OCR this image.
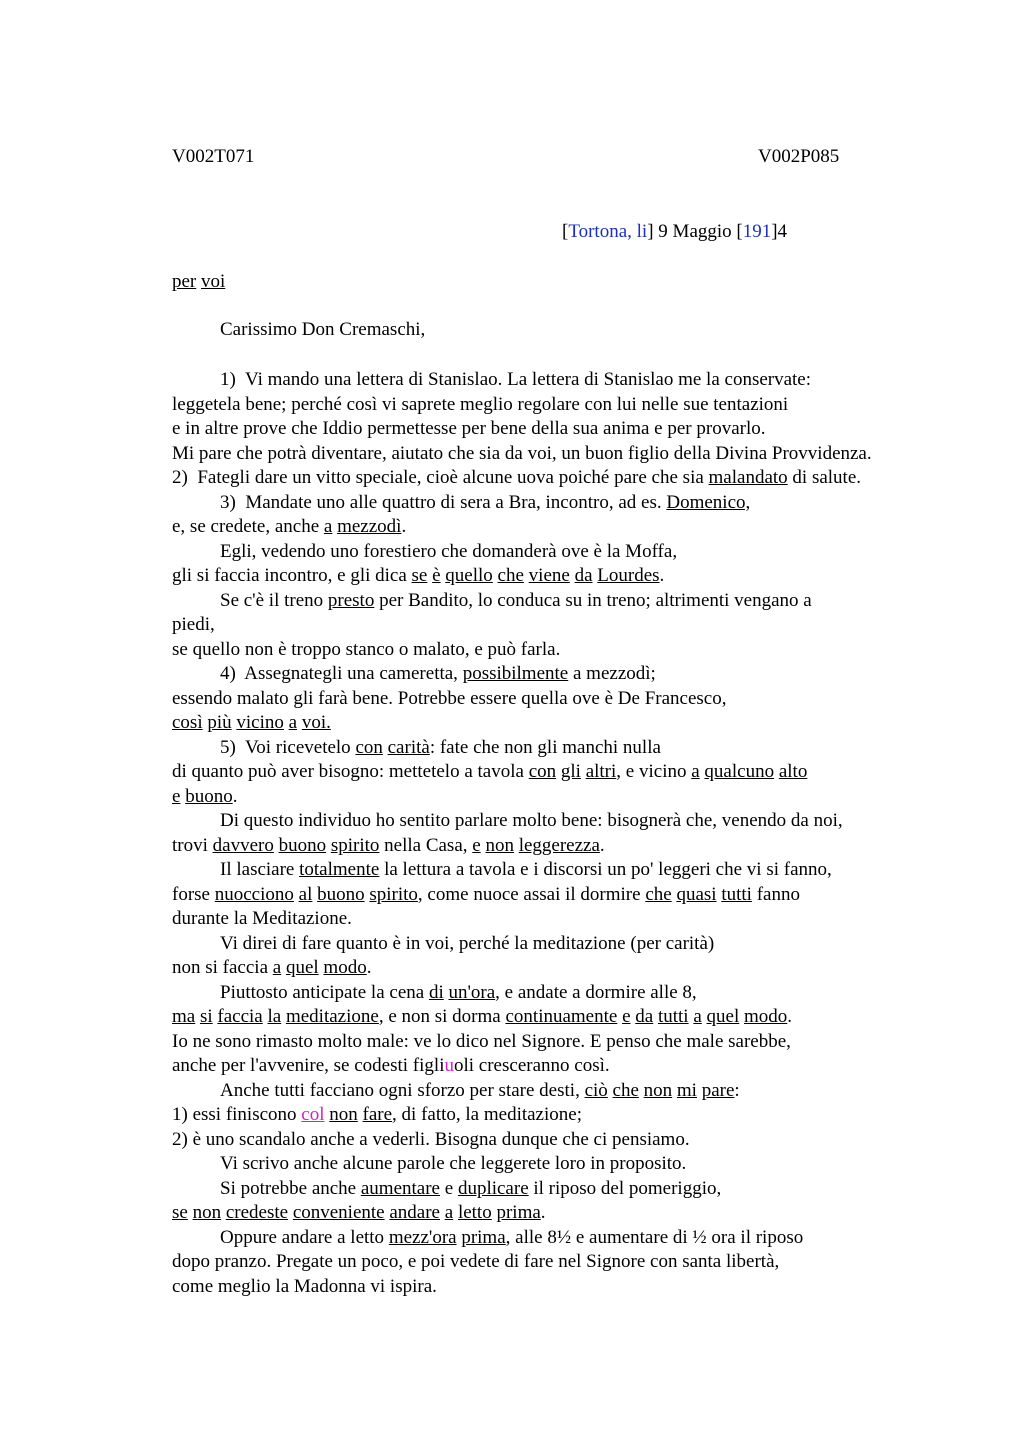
V002T071	V002P085
[Tortona, li] 9 Maggio [191]4
per voi
Carissimo Don Cremaschi,
1)  Vi mando una lettera di Stanislao. La lettera di Stanislao me la conservate:
leggetela bene; perché così vi saprete meglio regolare con lui nelle sue tentazioni
e in altre prove che Iddio permettesse per bene della sua anima e per provarlo.
Mi pare che potrà diventare, aiutato che sia da voi, un buon figlio della Divina Provvidenza.
2)  Fategli dare un vitto speciale, cioè alcune uova poiché pare che sia malandato di salute.
3)  Mandate uno alle quattro di sera a Bra, incontro, ad es. Domenico,
e, se credete, anche a mezzodì.
Egli, vedendo uno forestiero che domanderà ove è la Moffa,
gli si faccia incontro, e gli dica se è quello che viene da Lourdes.
Se c'è il treno presto per Bandito, lo conduca su in treno; altrimenti vengano a
piedi,
se quello non è troppo stanco o malato, e può farla.
4)  Assegnategli una cameretta, possibilmente a mezzodì;
essendo malato gli farà bene. Potrebbe essere quella ove è De Francesco,
così più vicino a voi.
5)  Voi ricevetelo con carità: fate che non gli manchi nulla
di quanto può aver bisogno: mettetelo a tavola con gli altri, e vicino a qualcuno alto
e buono.
Di questo individuo ho sentito parlare molto bene: bisognerà che, venendo da noi,
trovi davvero buono spirito nella Casa, e non leggerezza.
Il lasciare totalmente la lettura a tavola e i discorsi un po' leggeri che vi si fanno,
forse nuocciono al buono spirito, come nuoce assai il dormire che quasi tutti fanno
durante la Meditazione.
Vi direi di fare quanto è in voi, perché la meditazione (per carità)
non si faccia a quel modo.
Piuttosto anticipate la cena di un'ora, e andate a dormire alle 8,
ma si faccia la meditazione, e non si dorma continuamente e da tutti a quel modo.
Io ne sono rimasto molto male: ve lo dico nel Signore. E penso che male sarebbe,
anche per l'avvenire, se codesti figliuoli cresceranno così.
Anche tutti facciano ogni sforzo per stare desti, ciò che non mi pare:
1) essi finiscono col non fare, di fatto, la meditazione;
2) è uno scandalo anche a vederli. Bisogna dunque che ci pensiamo.
Vi scrivo anche alcune parole che leggerete loro in proposito.
Si potrebbe anche aumentare e duplicare il riposo del pomeriggio,
se non credeste conveniente andare a letto prima.
Oppure andare a letto mezz'ora prima, alle 8½ e aumentare di ½ ora il riposo
dopo pranzo. Pregate un poco, e poi vedete di fare nel Signore con santa libertà,
come meglio la Madonna vi ispira.
